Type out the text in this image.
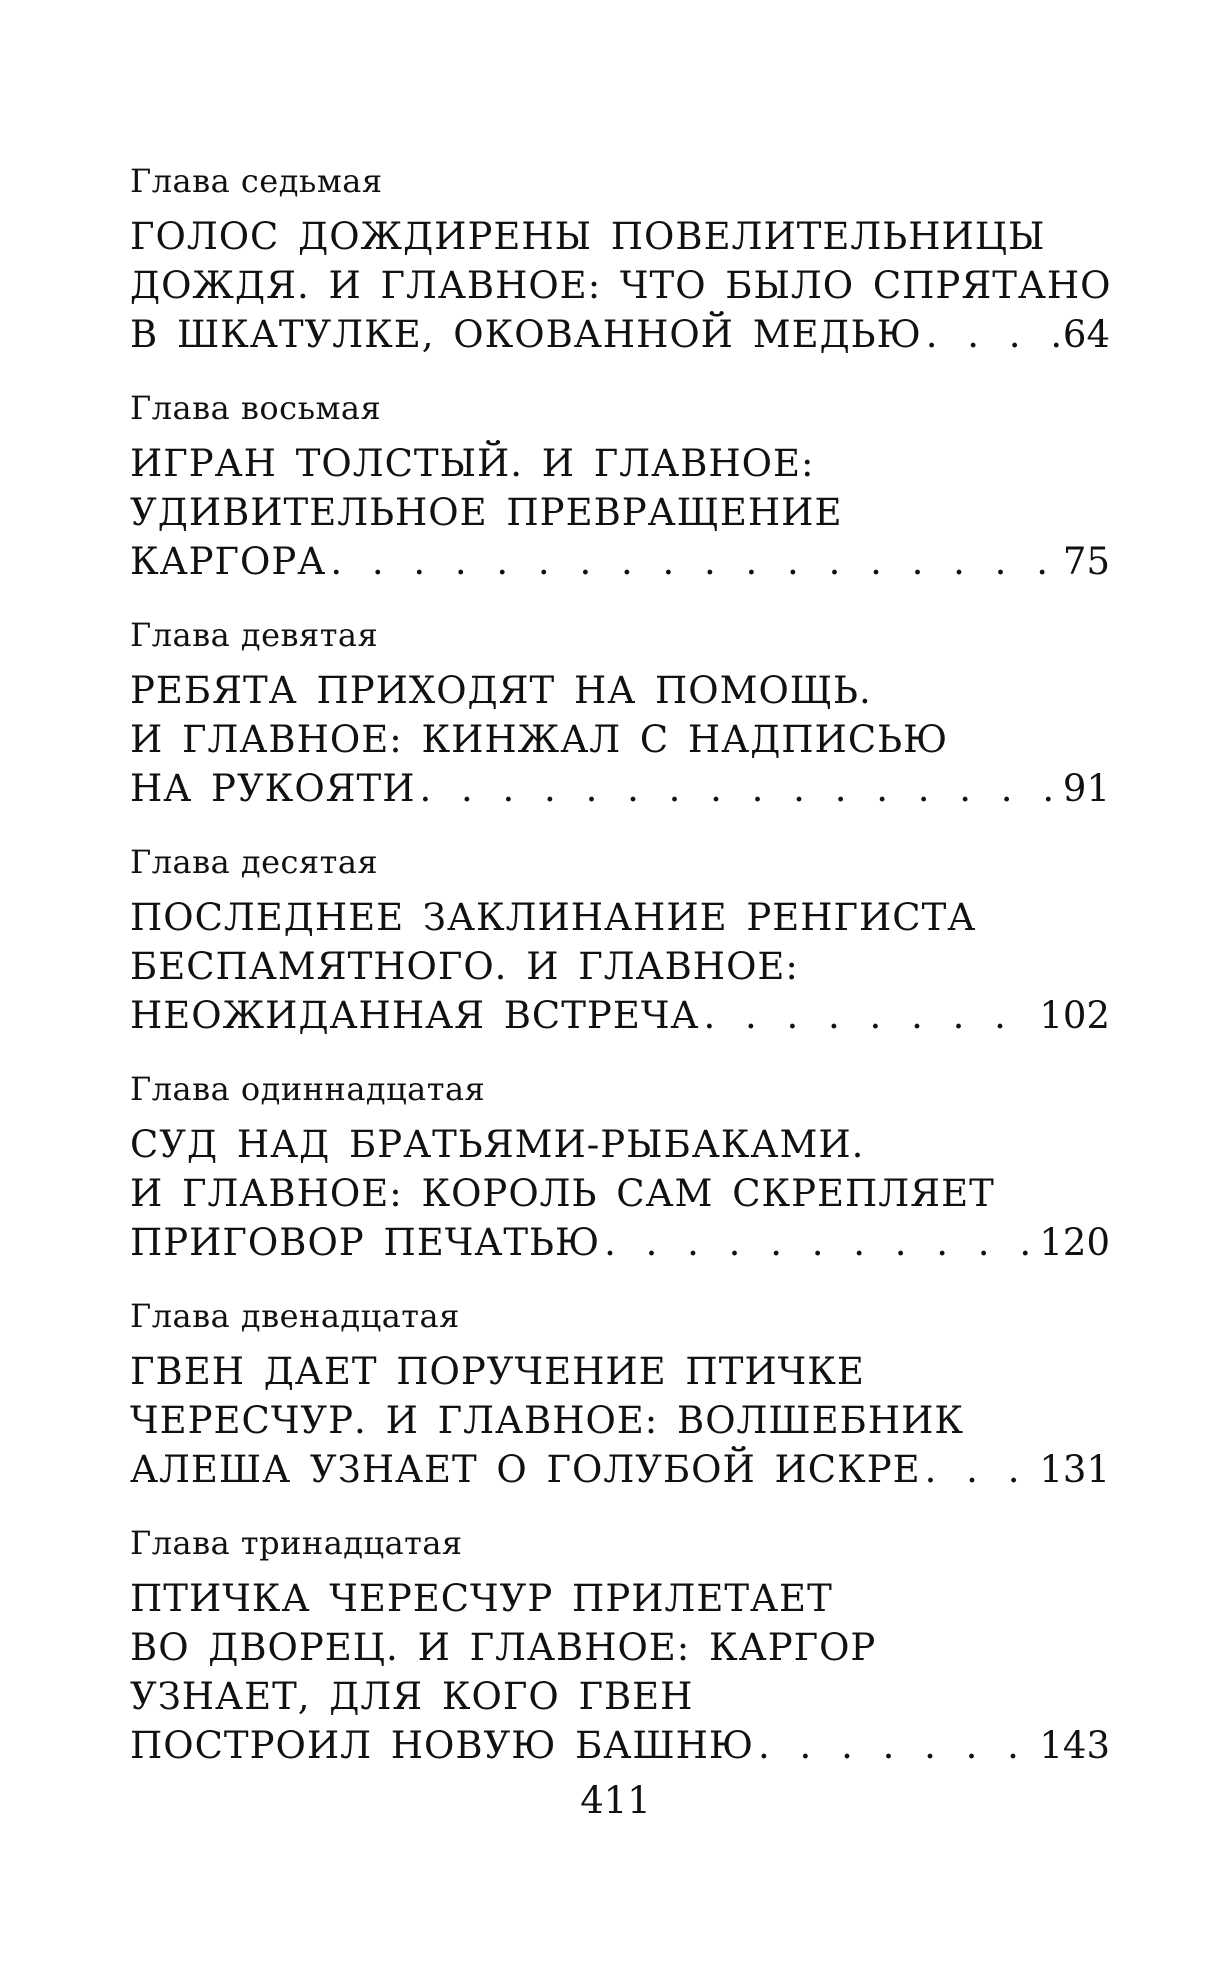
Глава седьмая
ГОЛОС ДОЖДИРЕНЫ ПОВЕЛИТЕЛЬНИЦЫ
ДОЖДЯ. И ГЛАВНОЕ: ЧТО БЫЛО СПРЯТАНО
В ШКАТУЛКЕ, ОКОВАННОЙ МЕДЬЮ . . .	64
Глава восьмая
ИГРАН ТОЛСТЫЙ. И ГЛАВНОЕ:
УДИВИТЕЛЬНОЕ ПРЕВРАЩЕНИЕ
КАРГОРА . . .	75
Глава девятая
РЕБЯТА ПРИХОДЯТ НА ПОМОЩЬ.
И ГЛАВНОЕ: КИНЖАЛ С НАДПИСЬЮ
НА РУКОЯТИ . . .	91
Глава десятая
ПОСЛЕДНЕЕ ЗАКЛИНАНИЕ РЕНГИСТА
БЕСПАМЯТНОГО. И ГЛАВНОЕ:
НЕОЖИДАННАЯ ВСТРЕЧА . . .	102
Глава одиннадцатая
СУД НАД БРАТЬЯМИ-РЫБАКАМИ.
И ГЛАВНОЕ: КОРОЛЬ САМ СКРЕПЛЯЕТ
ПРИГОВОР ПЕЧАТЬЮ . . .	120
Глава двенадцатая
ГВЕН ДАЕТ ПОРУЧЕНИЕ ПТИЧКЕ
ЧЕРЕСЧУР. И ГЛАВНОЕ: ВОЛШЕБНИК
АЛЕША УЗНАЕТ О ГОЛУБОЙ ИСКРЕ . . .	131
Глава тринадцатая
ПТИЧКА ЧЕРЕСЧУР ПРИЛЕТАЕТ
ВО ДВОРЕЦ. И ГЛАВНОЕ: КАРГОР
УЗНАЕТ, ДЛЯ КОГО ГВЕН
ПОСТРОИЛ НОВУЮ БАШНЮ . . .	143
411
